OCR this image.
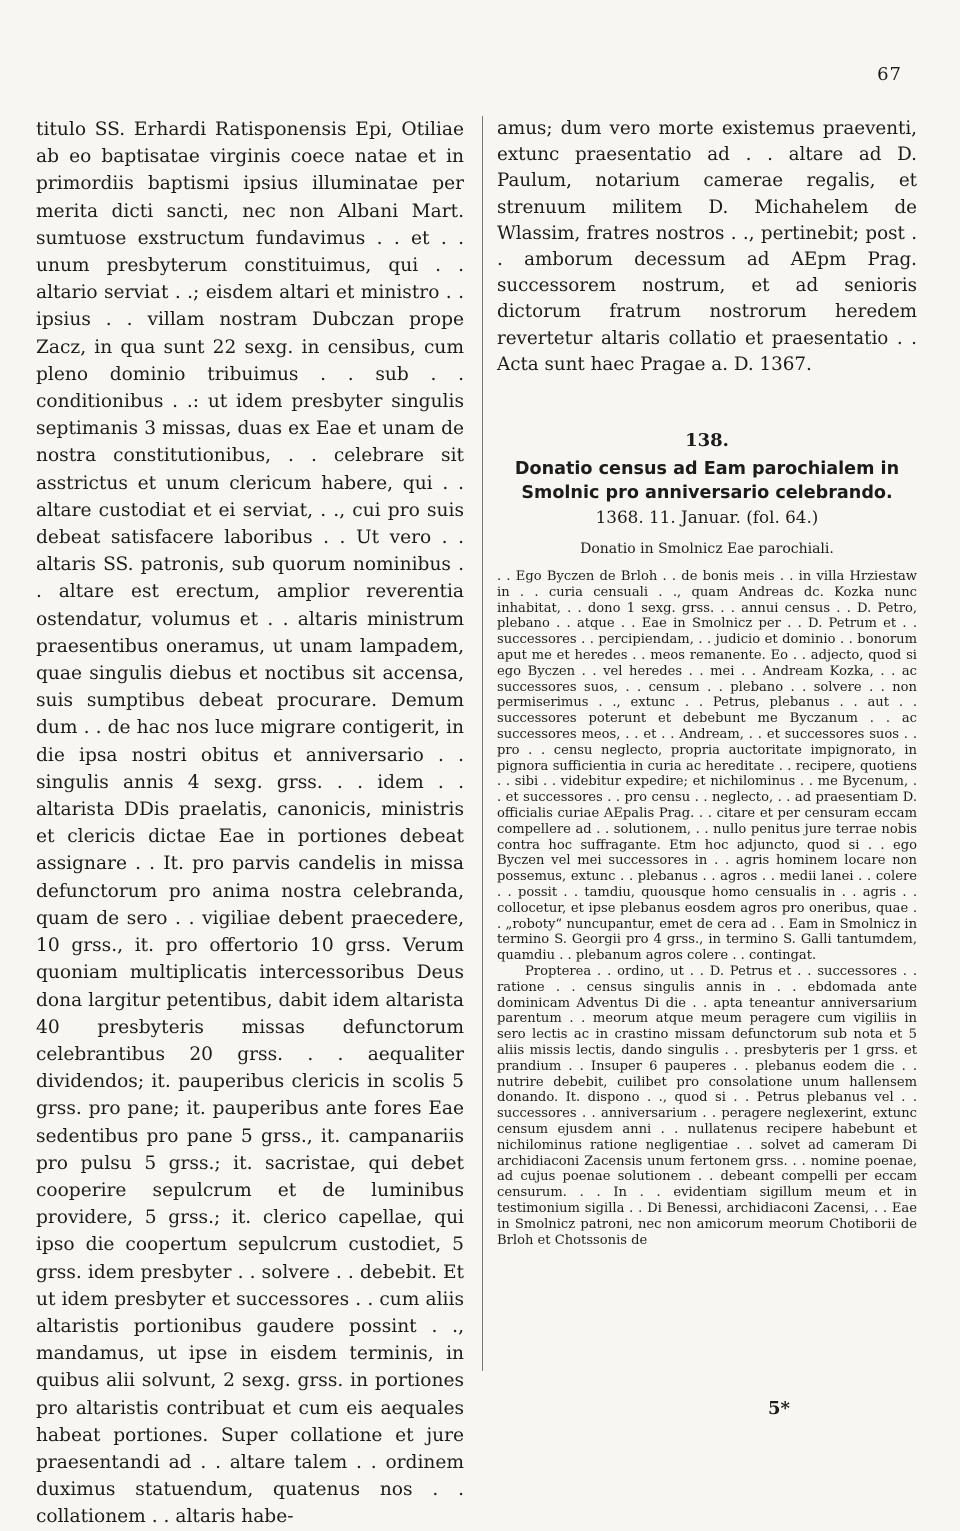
67

titulo SS. Erhardi Ratisponensis Epi, Otiliae ab eo baptisatae virginis coece natae et in primordiis baptismi ipsius illuminatae per merita dicti sancti, nec non Albani Mart. sumtuose exstructum fundavimus . . et . . unum presbyterum constituimus, qui . . altario serviat . .; eisdem altari et ministro . . ipsius . . villam nostram Dubczan prope Zacz, in qua sunt 22 sexg. in censibus, cum pleno dominio tribuimus . . sub . . conditionibus . .: ut idem presbyter singulis septimanis 3 missas, duas ex Eae et unam de nostra constitutionibus, . . celebrare sit asstrictus et unum clericum habere, qui . . altare custodiat et ei serviat, . ., cui pro suis debeat satisfacere laboribus . . Ut vero . . altaris SS. patronis, sub quorum nominibus . . altare est erectum, amplior reverentia ostendatur, volumus et . . altaris ministrum praesentibus oneramus, ut unam lampadem, quae singulis diebus et noctibus sit accensa, suis sumptibus debeat procurare. Demum dum . . de hac nos luce migrare contigerit, in die ipsa nostri obitus et anniversario . . singulis annis 4 sexg. grss. . . idem . . altarista DDis praelatis, canonicis, ministris et clericis dictae Eae in portiones debeat assignare . . It. pro parvis candelis in missa defunctorum pro anima nostra celebranda, quam de sero . . vigiliae debent praecedere, 10 grss., it. pro offertorio 10 grss. Verum quoniam multiplicatis intercessoribus Deus dona largitur petentibus, dabit idem altarista 40 presbyteris missas defunctorum celebrantibus 20 grss. . . aequaliter dividendos; it. pauperibus clericis in scolis 5 grss. pro pane; it. pauperibus ante fores Eae sedentibus pro pane 5 grss., it. campanariis pro pulsu 5 grss.; it. sacristae, qui debet cooperire sepulcrum et de luminibus providere, 5 grss.; it. clerico capellae, qui ipso die coopertum sepulcrum custodiet, 5 grss. idem presbyter . . solvere . . debebit. Et ut idem presbyter et successores . . cum aliis altaristis portionibus gaudere possint . ., mandamus, ut ipse in eisdem terminis, in quibus alii solvunt, 2 sexg. grss. in portiones pro altaristis contribuat et cum eis aequales habeat portiones. Super collatione et jure praesentandi ad . . altare talem . . ordinem duximus statuendum, quatenus nos . . collationem . . altaris habe-

amus; dum vero morte existemus praeventi, extunc praesentatio ad . . altare ad D. Paulum, notarium camerae regalis, et strenuum militem D. Michahelem de Wlassim, fratres nostros . ., pertinebit; post . . amborum decessum ad AEpm Prag. successorem nostrum, et ad senioris dictorum fratrum nostrorum heredem revertetur altaris collatio et praesentatio . . Acta sunt haec Pragae a. D. 1367.

138.
Donatio census ad Eam parochialem in Smolnic pro anniversario celebrando.
1368. 11. Januar. (fol. 64.)
Donatio in Smolnicz Eae parochiali.

. . Ego Byczen de Brloh . . de bonis meis . . in villa Hrziestaw in . . curia censuali . ., quam Andreas dc. Kozka nunc inhabitat, . . dono 1 sexg. grss. . . annui census . . D. Petro, plebano . . atque . . Eae in Smolnicz per . . D. Petrum et . . successores . . percipiendam, . . judicio et dominio . . bonorum aput me et heredes . . meos remanente. Eo . . adjecto, quod si ego Byczen . . vel heredes . . mei . . Andream Kozka, . . ac successores suos, . . censum . . plebano . . solvere . . non permiserimus . ., extunc . . Petrus, plebanus . . aut . . successores poterunt et debebunt me Byczanum . . ac successores meos, . . et . . Andream, . . et successores suos . . pro . . censu neglecto, propria auctoritate impignorato, in pignora sufficientia in curia ac hereditate . . recipere, quotiens . . sibi . . videbitur expedire; et nichilominus . . me Bycenum, . . et successores . . pro censu . . neglecto, . . ad praesentiam D. officialis curiae AEpalis Prag. . . citare et per censuram eccam compellere ad . . solutionem, . . nullo penitus jure terrae nobis contra hoc suffragante. Etm hoc adjuncto, quod si . . ego Byczen vel mei successores in . . agris hominem locare non possemus, extunc . . plebanus . . agros . . medii lanei . . colere . . possit . . tamdiu, quousque homo censualis in . . agris . . collocetur, et ipse plebanus eosdem agros pro oneribus, quae . . „roboty“ nuncupantur, emet de cera ad . . Eam in Smolnicz in termino S. Georgii pro 4 grss., in termino S. Galli tantumdem, quamdiu . . plebanum agros colere . . contingat.

Propterea . . ordino, ut . . D. Petrus et . . successores . . ratione . . census singulis annis in . . ebdomada ante dominicam Adventus Di die . . apta teneantur anniversarium parentum . . meorum atque meum peragere cum vigiliis in sero lectis ac in crastino missam defunctorum sub nota et 5 aliis missis lectis, dando singulis . . presbyteris per 1 grss. et prandium . . Insuper 6 pauperes . . plebanus eodem die . . nutrire debebit, cuilibet pro consolatione unum hallensem donando. It. dispono . ., quod si . . Petrus plebanus vel . . successores . . anniversarium . . peragere neglexerint, extunc censum ejusdem anni . . nullatenus recipere habebunt et nichilominus ratione negligentiae . . solvet ad cameram Di archidiaconi Zacensis unum fertonem grss. . . nomine poenae, ad cujus poenae solutionem . . debeant compelli per eccam censurum. . . In . . evidentiam sigillum meum et in testimonium sigilla . . Di Benessi, archidiaconi Zacensi, . . Eae in Smolnicz patroni, nec non amicorum meorum Chotiborii de Brloh et Chotssonis de

5*
